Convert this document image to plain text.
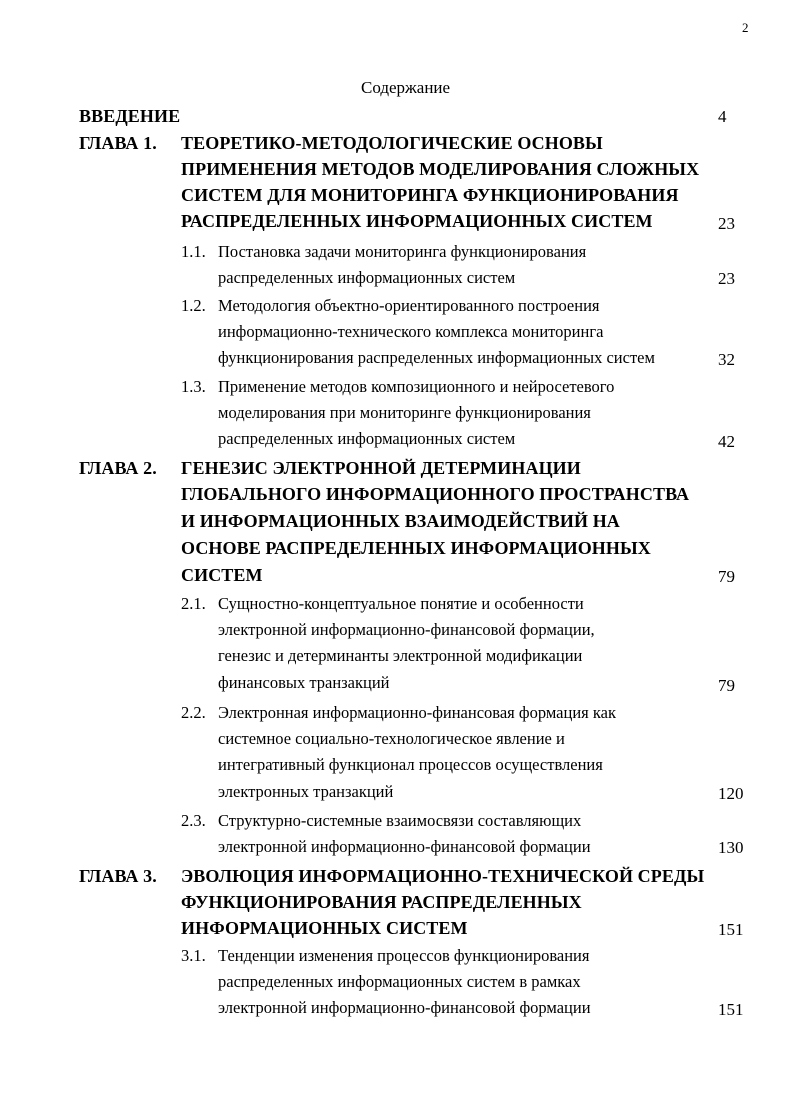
2
Содержание
ВВЕДЕНИЕ	4
ГЛАВА 1. ТЕОРЕТИКО-МЕТОДОЛОГИЧЕСКИЕ ОСНОВЫ
ПРИМЕНЕНИЯ МЕТОДОВ МОДЕЛИРОВАНИЯ СЛОЖНЫХ
СИСТЕМ ДЛЯ МОНИТОРИНГА ФУНКЦИОНИРОВАНИЯ
РАСПРЕДЕЛЕННЫХ ИНФОРМАЦИОННЫХ СИСТЕМ	23
1.1. Постановка задачи мониторинга функционирования
распределенных информационных систем	23
1.2. Методология объектно-ориентированного построения
информационно-технического комплекса мониторинга
функционирования распределенных информационных систем	32
1.3. Применение методов композиционного и нейросетевого
моделирования при мониторинге функционирования
распределенных информационных систем	42
ГЛАВА 2. ГЕНЕЗИС ЭЛЕКТРОННОЙ ДЕТЕРМИНАЦИИ
ГЛОБАЛЬНОГО ИНФОРМАЦИОННОГО ПРОСТРАНСТВА
И ИНФОРМАЦИОННЫХ ВЗАИМОДЕЙСТВИЙ НА
ОСНОВЕ РАСПРЕДЕЛЕННЫХ ИНФОРМАЦИОННЫХ
СИСТЕМ	79
2.1. Сущностно-концептуальное понятие и особенности
электронной информационно-финансовой формации,
генезис и детерминанты электронной модификации
финансовых транзакций	79
2.2. Электронная информационно-финансовая формация как
системное социально-технологическое явление и
интегративный функционал процессов осуществления
электронных транзакций	120
2.3. Структурно-системные взаимосвязи составляющих
электронной информационно-финансовой формации	130
ГЛАВА 3. ЭВОЛЮЦИЯ ИНФОРМАЦИОННО-ТЕХНИЧЕСКОЙ СРЕДЫ
ФУНКЦИОНИРОВАНИЯ РАСПРЕДЕЛЕННЫХ
ИНФОРМАЦИОННЫХ СИСТЕМ	151
3.1. Тенденции изменения процессов функционирования
распределенных информационных систем в рамках
электронной информационно-финансовой формации	151
